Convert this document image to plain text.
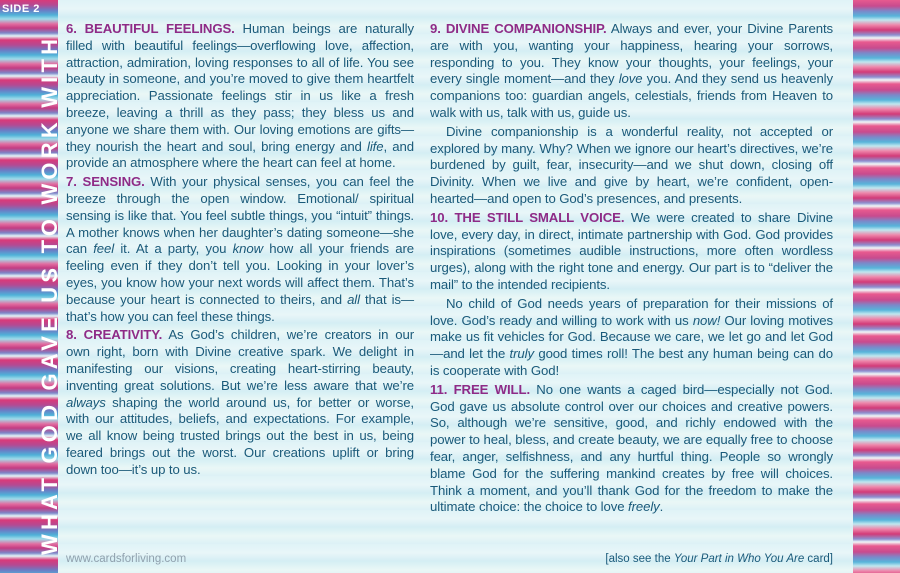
SIDE 2
WHAT GOD GAVE US TO WORK WITH

6. BEAUTIFUL FEELINGS. Human beings are naturally filled with beautiful feelings—overflowing love, affection, attraction, admiration, loving responses to all of life. You see beauty in someone, and you’re moved to give them heartfelt appreciation. Passionate feelings stir in us like a fresh breeze, leaving a thrill as they pass; they bless us and anyone we share them with. Our loving emotions are gifts—they nourish the heart and soul, bring energy and life, and provide an atmosphere where the heart can feel at home.

7. SENSING. With your physical senses, you can feel the breeze through the open window. Emotional/ spiritual sensing is like that. You feel subtle things, you “intuit” things. A mother knows when her daughter’s dating someone—she can feel it. At a party, you know how all your friends are feeling even if they don’t tell you. Looking in your lover’s eyes, you know how your next words will affect them. That’s because your heart is connected to theirs, and all that is—that’s how you can feel these things.

8. CREATIVITY. As God’s children, we’re creators in our own right, born with Divine creative spark. We delight in manifesting our visions, creating heart-stirring beauty, inventing great solutions. But we’re less aware that we’re always shaping the world around us, for better or worse, with our attitudes, beliefs, and expectations. For example, we all know being trusted brings out the best in us, being feared brings out the worst. Our creations uplift or bring down too—it’s up to us.

9. DIVINE COMPANIONSHIP. Always and ever, your Divine Parents are with you, wanting your happiness, hearing your sorrows, responding to you. They know your thoughts, your feelings, your every single moment—and they love you. And they send us heavenly companions too: guardian angels, celestials, friends from Heaven to walk with us, talk with us, guide us.

Divine companionship is a wonderful reality, not accepted or explored by many. Why? When we ignore our heart’s directives, we’re burdened by guilt, fear, insecurity—and we shut down, closing off Divinity. When we live and give by heart, we’re confident, open-hearted—and open to God’s presences, and presents.

10. THE STILL SMALL VOICE. We were created to share Divine love, every day, in direct, intimate partnership with God. God provides inspirations (sometimes audible instructions, more often wordless urges), along with the right tone and energy. Our part is to “deliver the mail” to the intended recipients.

No child of God needs years of preparation for their missions of love. God’s ready and willing to work with us now! Our loving motives make us fit vehicles for God. Because we care, we let go and let God—and let the truly good times roll! The best any human being can do is cooperate with God!

11. FREE WILL. No one wants a caged bird—especially not God. God gave us absolute control over our choices and creative powers. So, although we’re sensitive, good, and richly endowed with the power to heal, bless, and create beauty, we are equally free to choose fear, anger, selfishness, and any hurtful thing. People so wrongly blame God for the suffering mankind creates by free will choices. Think a moment, and you’ll thank God for the freedom to make the ultimate choice: the choice to love freely.

www.cardsforliving.com	[also see the Your Part in Who You Are card]
